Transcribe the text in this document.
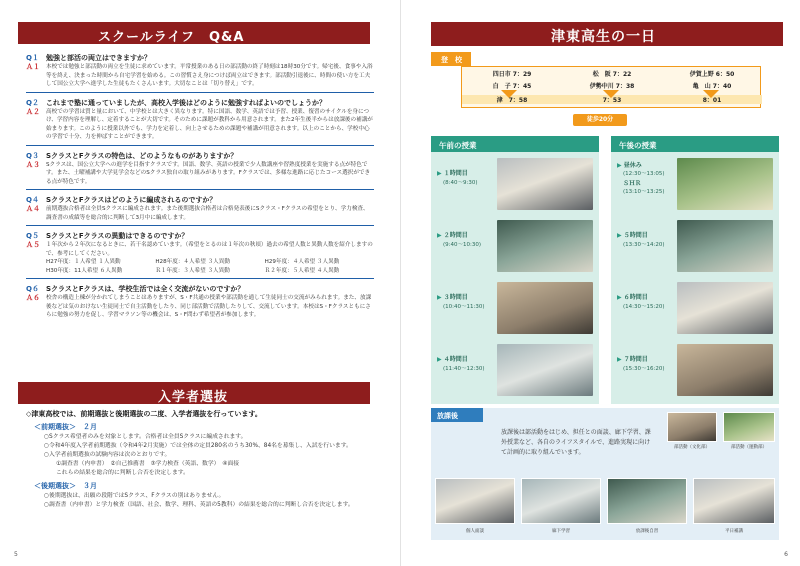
スクールライフ　Q&A
Q１	勉強と部活の両立はできますか？
Ａ１	本校では勉強と部活動の両立を生徒に求めています。平常授業のある日の部活動の終了時刻は18時30分です。帰宅後、食事や入浴等を終え、決まった時間から自宅学習を始める。この習慣さえ身につけば両立はできます。部活動引退後に、時間の使い方を工夫して国公立大学へ進学した生徒もたくさんいます。大切なことは「切り替え」です。
Q２	これまで塾に通っていましたが、高校入学後はどのように勉強すればよいのでしょうか？
Ａ２	高校での学習は質と量において、中学校とは大きく異なります。特に国語、数学、英語では予習、授業、復習のサイクルを身につけ、学習内容を理解し、定着することが大切です。そのために課題が教科から用意されます。また2年生後半からは放課後の補講が始まります。このように授業以外でも、学力を定着し、向上させるための課題や補講が用意されます。以上のことから、学校中心の学習で十分、力を伸ばすことができます。
Q３	SクラスとFクラスの特色は、どのようなものがありますか？
Ａ３	Sクラスは、国公立大学への進学を目指すクラスです。国語、数学、英語の授業で少人数講座や習熟度授業を実施する点が特色です。また、土曜補講や大学見学会などのSクラス独自の取り組みがあります。Fクラスでは、多様な進路に応じたコース選択ができる点が特色です。
Q４	SクラスとFクラスはどのように編成されるのですか？
Ａ４	前期選抜合格者は全員Sクラスに編成されます。また後期選抜合格者は合格発表後にSクラス・Fクラスの希望をとり、学力検査、調査書の成績等を総合的に判断して3月中に編成します。
Q５	SクラスとFクラスの異動はできるのですか？
Ａ５	１年次から２年次になるときに、若干名認めています。（希望をとるのは１年次の秋頃）過去の希望人数と異動人数を紹介しますので、参考にしてください。
H27年度：１人希望 １人異動	H28年度：４人希望 ３人異動	H29年度：４人希望 ３人異動
H30年度：11人希望 ６人異動	Ｒ１年度：３人希望 ３人異動	Ｒ２年度：５人希望 ４人異動
Q６	SクラスとFクラスは、学校生活では全く交流がないのですか？
Ａ６	校舎の構造上棟が分かれてしまうことはありますが、S・F共通の授業や部活動を通して生徒同士の交流がみられます。また、放課後などは気のおけない生徒同士で自主活動をしたり、同じ部活動で活動したりして、交流しています。本校はS・Fクラスともにさらに勉強の努力を促し、学習マラソン等の機会は、S・F問わず希望者が参加します。
入学者選抜
◇津東高校では、前期選抜と後期選抜の二度、入学者選抜を行っています。
＜前期選抜＞　２月
○Sクラス希望者のみを対象とします。合格者は全員Sクラスに編成されます。
○令和4年度入学者前期選抜（令和4年2月実施）では全体の定員280名のうち30%、84名を募集し、入試を行います。
○入学者前期選抜の試験内容は次のとおりです。
①調査書（内申書）　②自己推薦書　③学力検査（英語、数学）　④面接
これらの結果を総合的に判断し合否を決定します。
＜後期選抜＞　３月
○後期選抜は、出願の段階ではSクラス、Fクラスの別はありません。
○調査書（内申書）と学力検査（国語、社会、数学、理科、英語の5教科）の結果を総合的に判断し合否を決定します。
5
津東高生の一日
登　校
四日市 7：29	松　阪 7：22	伊賀上野 6：50
白　子 7：45	伊勢中川 7：38	亀　山 7：40
津　7：58	7：53	8：01
徒歩20分
午前の授業
▶ １時間目
(8:40〜9:30)
▶ ２時間目
(9:40〜10:30)
▶ ３時間目
(10:40〜11:30)
▶ ４時間目
(11:40〜12:30)
午後の授業
▶ 昼休み
(12:30〜13:05)
ＳＨＲ
(13:10〜13:25)
▶ ５時間目
(13:30〜14:20)
▶ ６時間目
(14:30〜15:20)
▶ ７時間目
(15:30〜16:20)
放課後
放課後は部活動をはじめ、担任との面談、廊下学習、課外授業など、各自のライフスタイルで、進路実現に向けて計画的に取り組んでいます。
部活動（文化部）	部活動（運動部）
個人面談	廊下学習	放課後自習	平日補講
6
